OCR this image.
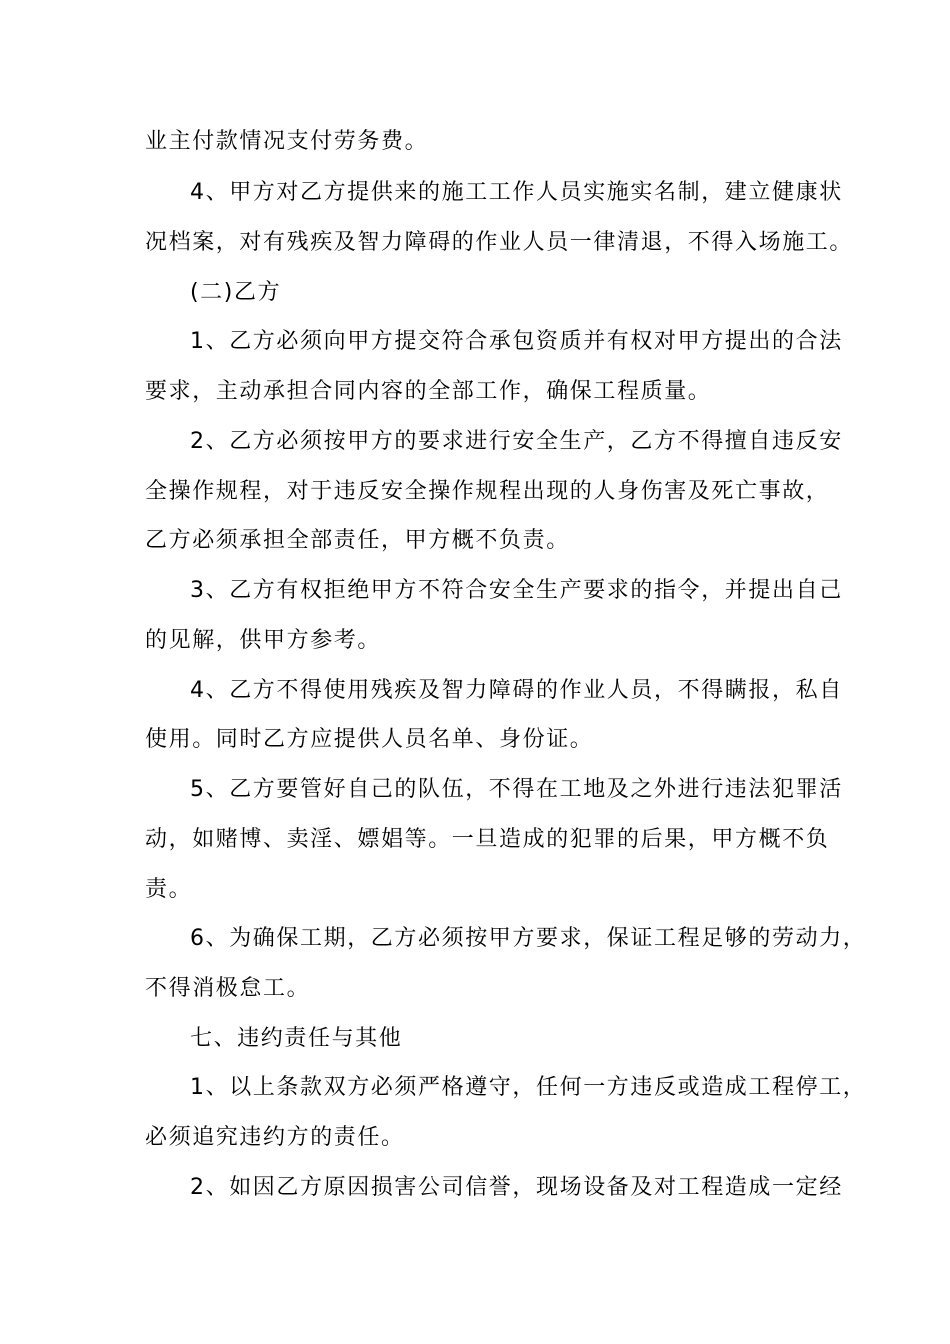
业主付款情况支付劳务费。
4、甲方对乙方提供来的施工工作人员实施实名制，建立健康状
况档案，对有残疾及智力障碍的作业人员一律清退，不得入场施工。
(二)乙方
1、乙方必须向甲方提交符合承包资质并有权对甲方提出的合法
要求，主动承担合同内容的全部工作，确保工程质量。
2、乙方必须按甲方的要求进行安全生产，乙方不得擅自违反安
全操作规程，对于违反安全操作规程出现的人身伤害及死亡事故，
乙方必须承担全部责任，甲方概不负责。
3、乙方有权拒绝甲方不符合安全生产要求的指令，并提出自己
的见解，供甲方参考。
4、乙方不得使用残疾及智力障碍的作业人员，不得瞒报，私自
使用。同时乙方应提供人员名单、身份证。
5、乙方要管好自己的队伍，不得在工地及之外进行违法犯罪活
动，如赌博、卖淫、嫖娼等。一旦造成的犯罪的后果，甲方概不负
责。
6、为确保工期，乙方必须按甲方要求，保证工程足够的劳动力，
不得消极怠工。
七、违约责任与其他
1、以上条款双方必须严格遵守，任何一方违反或造成工程停工，
必须追究违约方的责任。
2、如因乙方原因损害公司信誉，现场设备及对工程造成一定经
